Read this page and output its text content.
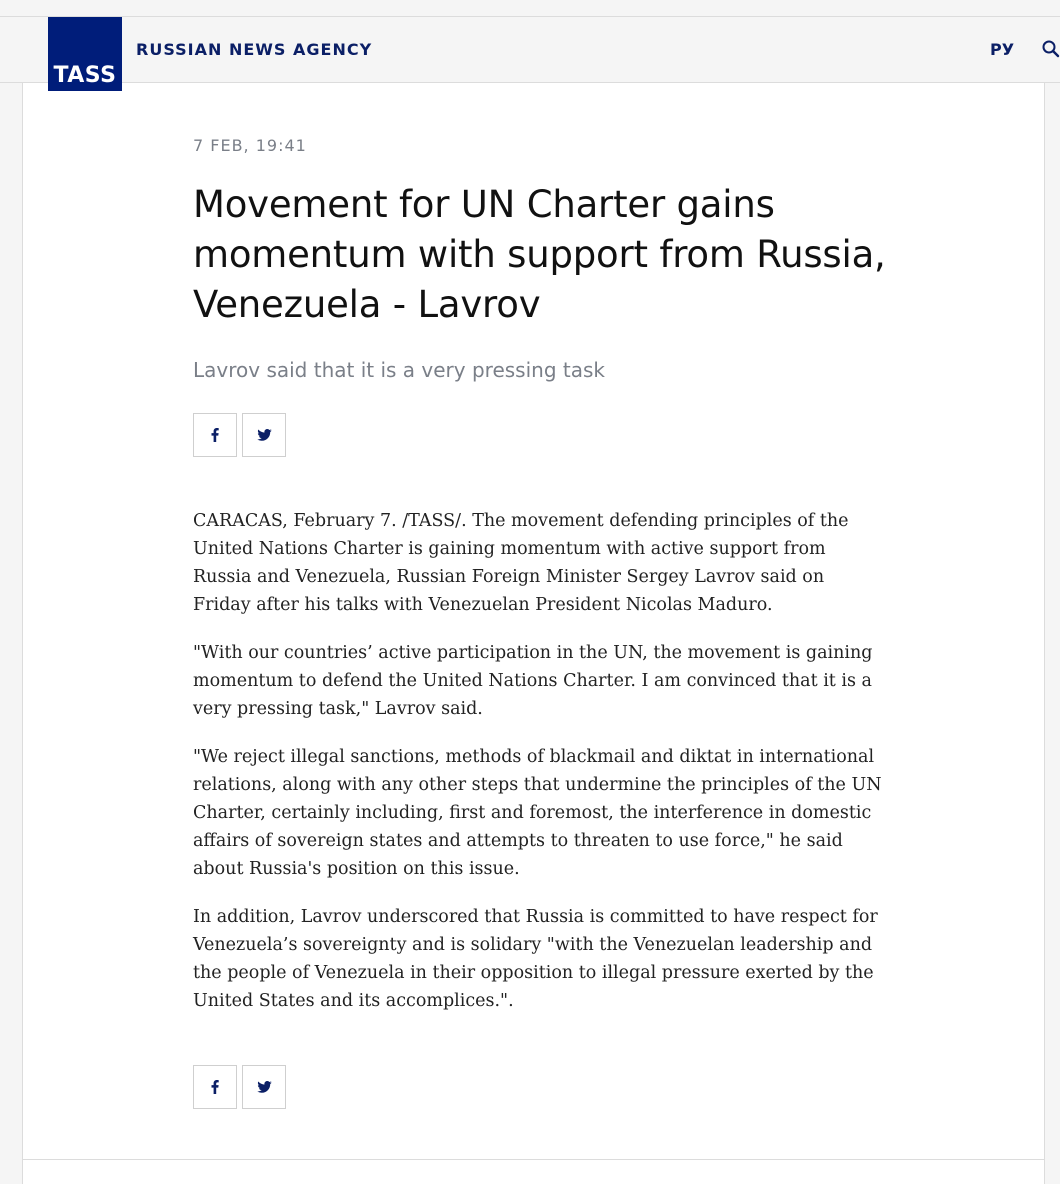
TASS
RUSSIAN NEWS AGENCY	РУ
7 FEB, 19:41
Movement for UN Charter gains momentum with support from Russia, Venezuela - Lavrov
Lavrov said that it is a very pressing task

CARACAS, February 7. /TASS/. The movement defending principles of the United Nations Charter is gaining momentum with active support from Russia and Venezuela, Russian Foreign Minister Sergey Lavrov said on Friday after his talks with Venezuelan President Nicolas Maduro.

"With our countries’ active participation in the UN, the movement is gaining momentum to defend the United Nations Charter. I am convinced that it is a very pressing task," Lavrov said.

"We reject illegal sanctions, methods of blackmail and diktat in international relations, along with any other steps that undermine the principles of the UN Charter, certainly including, first and foremost, the interference in domestic affairs of sovereign states and attempts to threaten to use force," he said about Russia's position on this issue.

In addition, Lavrov underscored that Russia is committed to have respect for Venezuela’s sovereignty and is solidary "with the Venezuelan leadership and the people of Venezuela in their opposition to illegal pressure exerted by the United States and its accomplices.".
